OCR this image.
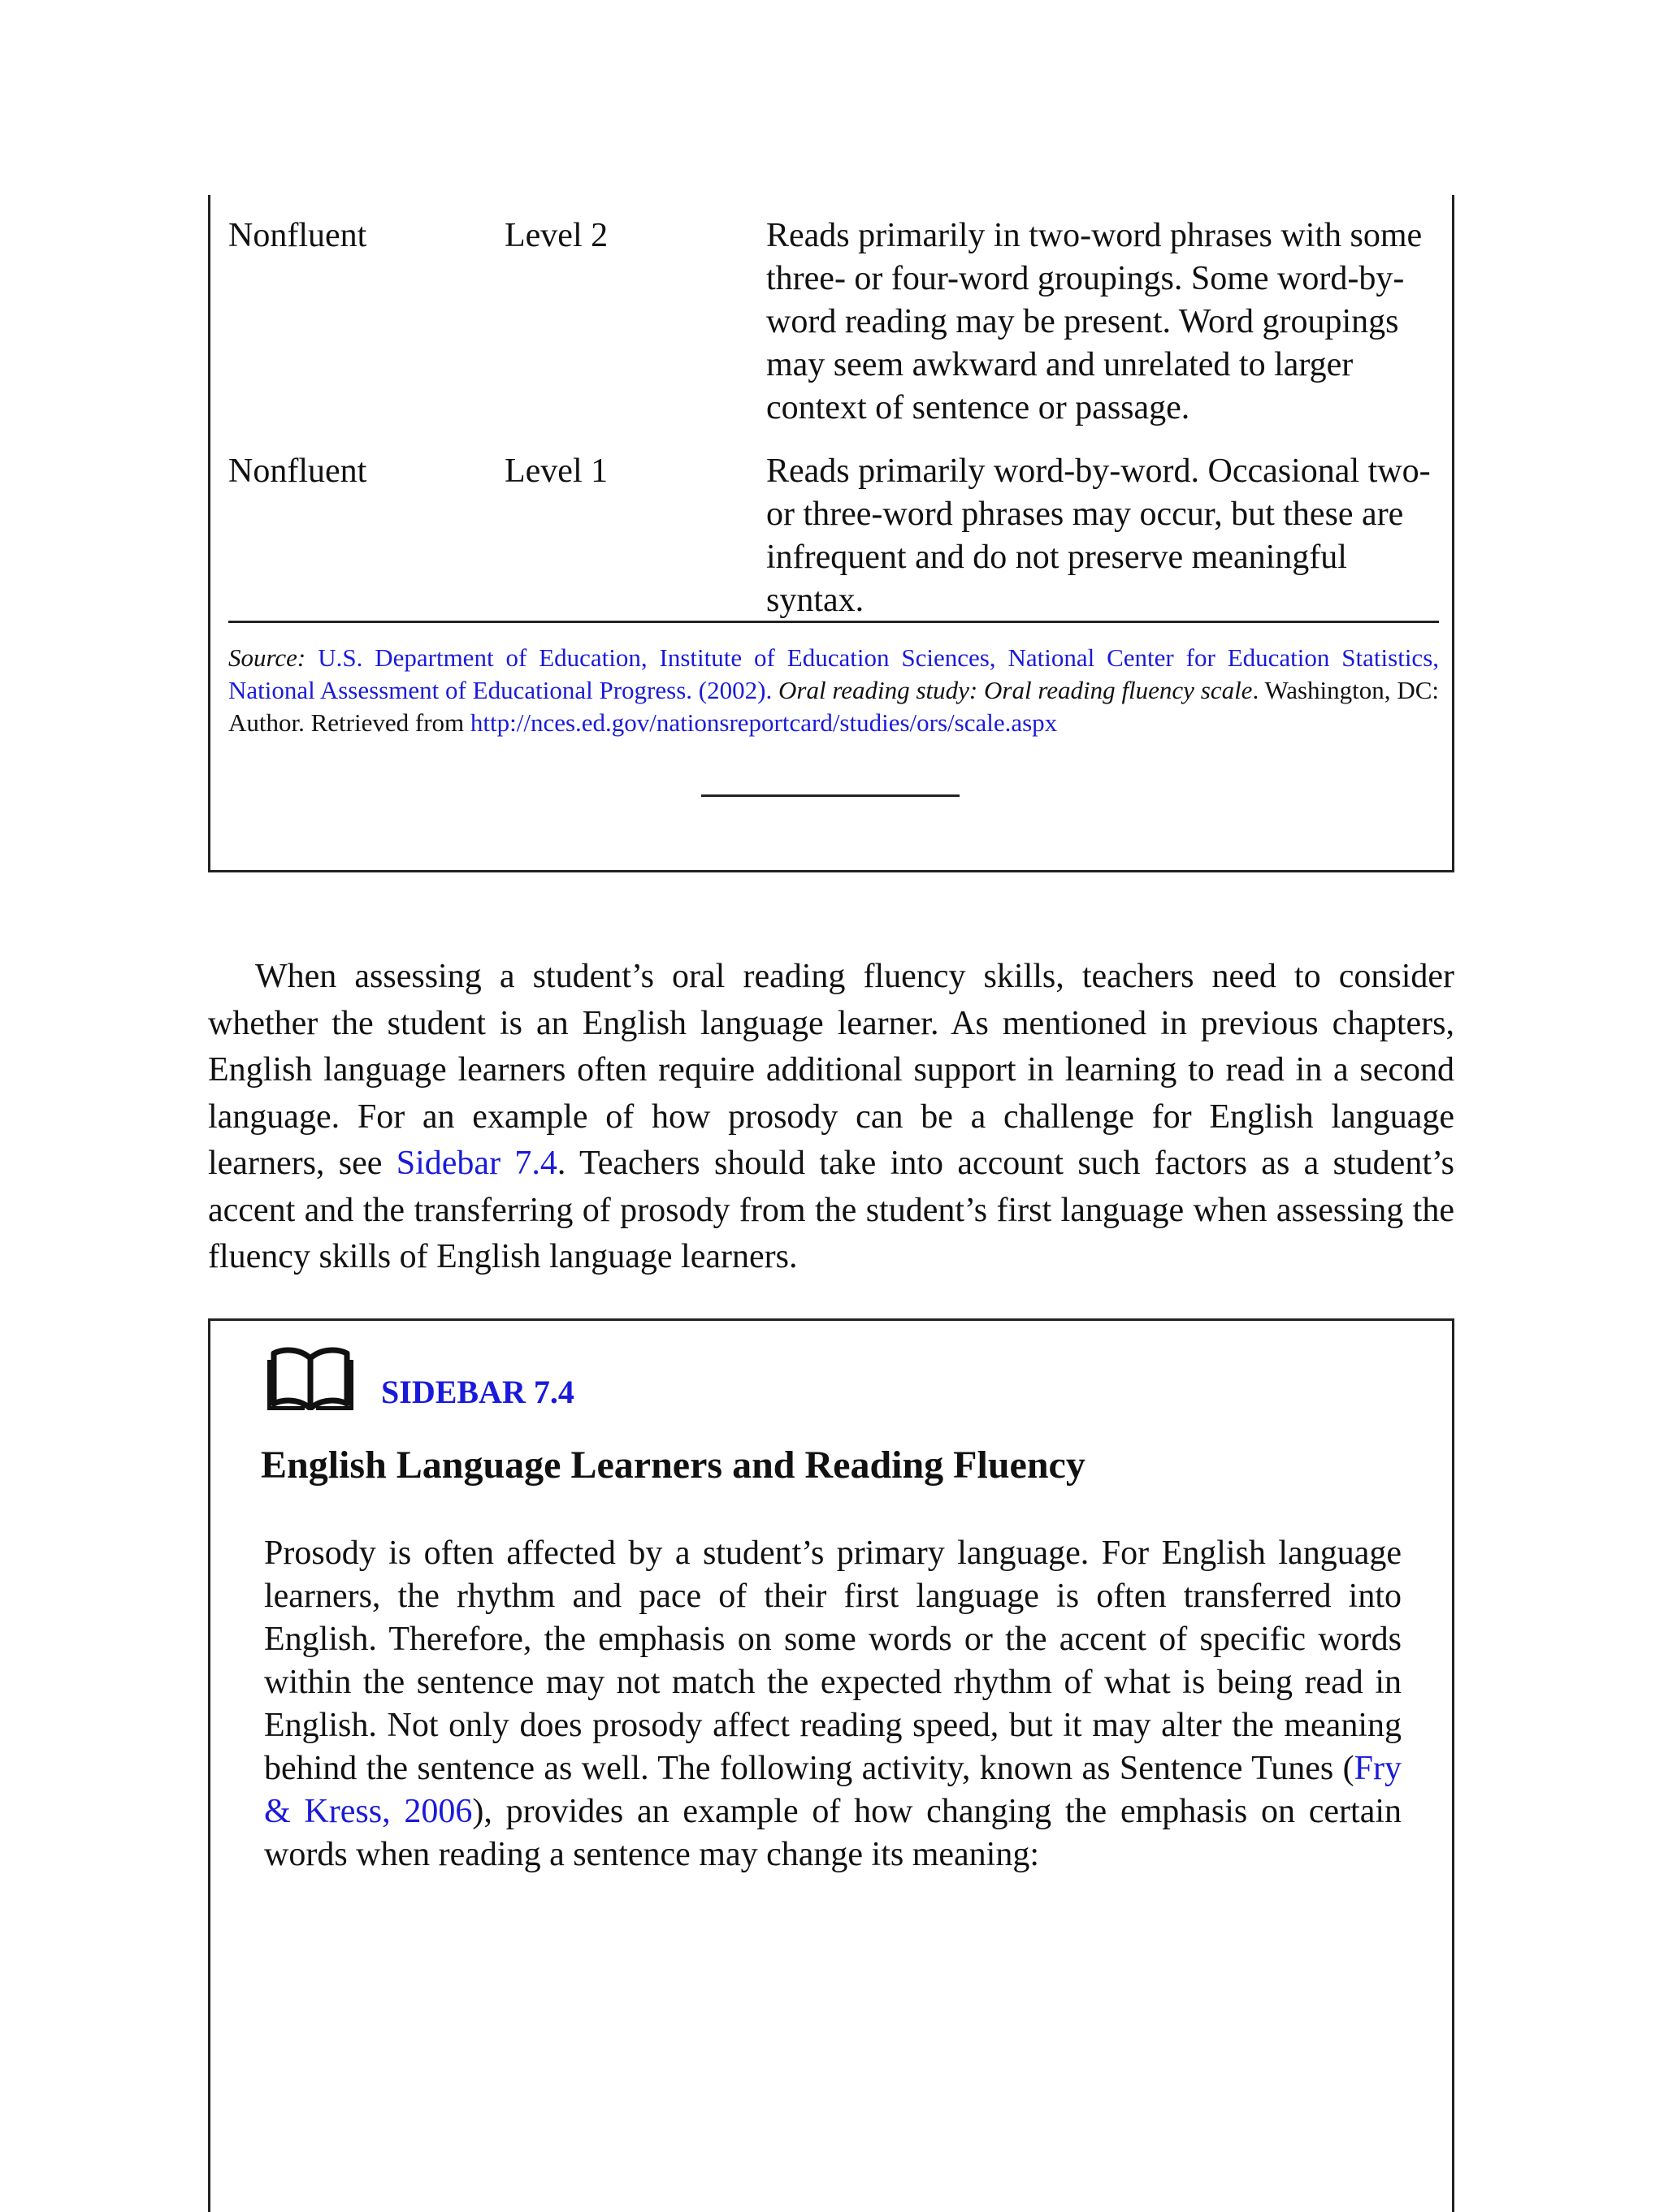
Nonfluent	Level 2	Reads primarily in two-word phrases with some three- or four-word groupings. Some word-by-word reading may be present. Word groupings may seem awkward and unrelated to larger context of sentence or passage.
Nonfluent	Level 1	Reads primarily word-by-word. Occasional two- or three-word phrases may occur, but these are infrequent and do not preserve meaningful syntax.

Source: U.S. Department of Education, Institute of Education Sciences, National Center for Education Statistics, National Assessment of Educational Progress. (2002). Oral reading study: Oral reading fluency scale. Washington, DC: Author. Retrieved from http://nces.ed.gov/nationsreportcard/studies/ors/scale.aspx

When assessing a student’s oral reading fluency skills, teachers need to consider whether the student is an English language learner. As mentioned in previous chapters, English language learners often require additional support in learning to read in a second language. For an example of how prosody can be a challenge for English language learners, see Sidebar 7.4. Teachers should take into account such factors as a student’s accent and the transferring of prosody from the student’s first language when assessing the fluency skills of English language learners.

SIDEBAR 7.4
English Language Learners and Reading Fluency

Prosody is often affected by a student’s primary language. For English language learners, the rhythm and pace of their first language is often transferred into English. Therefore, the emphasis on some words or the accent of specific words within the sentence may not match the expected rhythm of what is being read in English. Not only does prosody affect reading speed, but it may alter the meaning behind the sentence as well. The following activity, known as Sentence Tunes (Fry & Kress, 2006), provides an example of how changing the emphasis on certain words when reading a sentence may change its meaning:
